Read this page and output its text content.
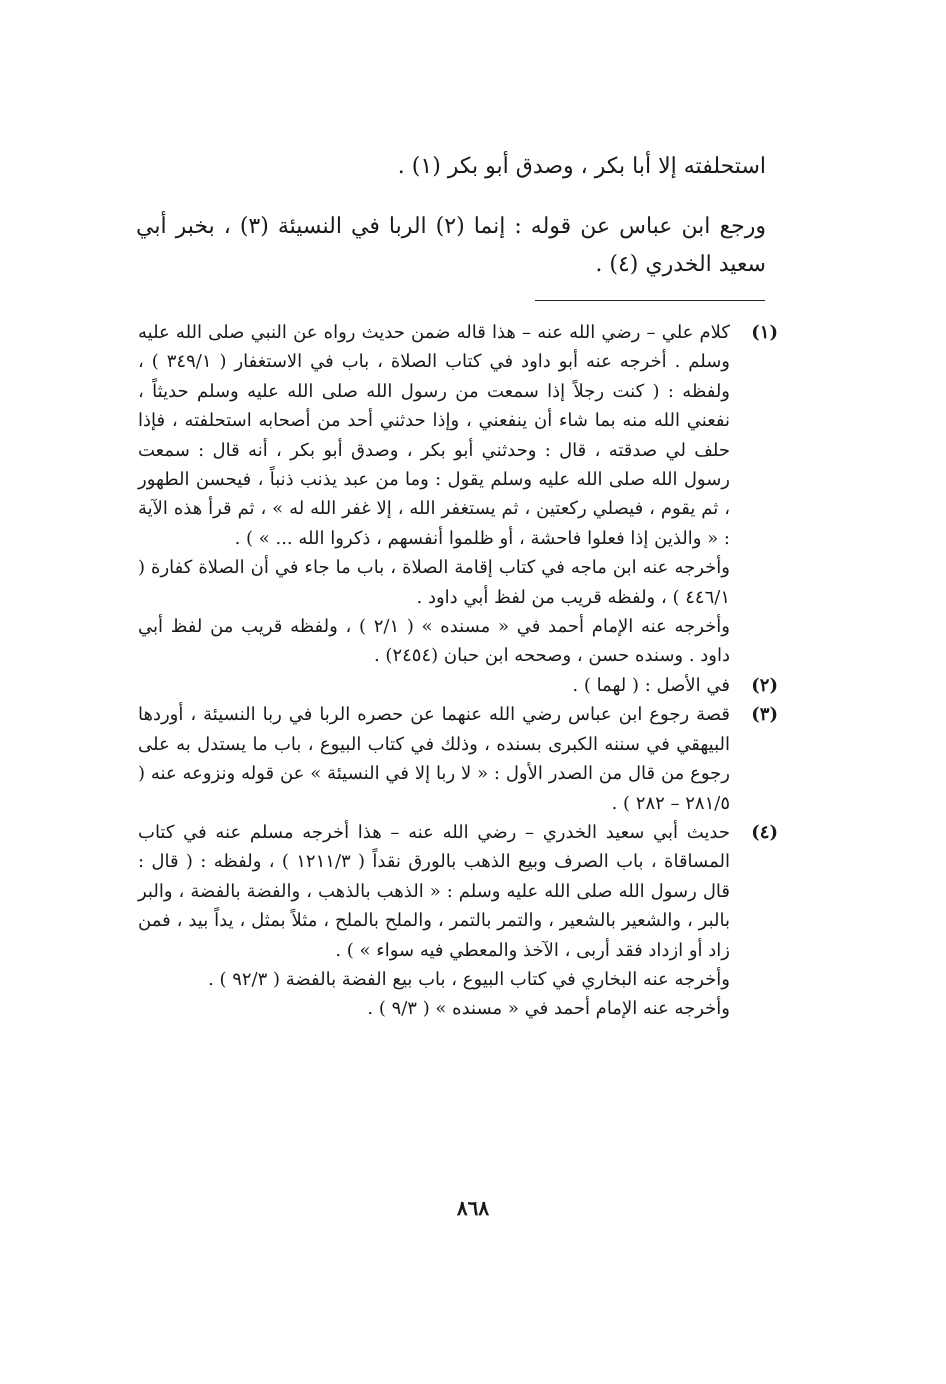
استحلفته إلا أبا بكر ، وصدق أبو بكر (١) .

ورجع ابن عباس عن قوله : إنما (٢) الربا في النسيئة (٣) ، بخبر أبي سعيد الخدري (٤) .

(١)

كلام علي – رضي الله عنه – هذا قاله ضمن حديث رواه عن النبي صلى الله عليه وسلم . أخرجه عنه أبو داود في كتاب الصلاة ، باب في الاستغفار ( ٣٤٩/١ ) ، ولفظه : ( كنت رجلاً إذا سمعت من رسول الله صلى الله عليه وسلم حديثاً ، نفعني الله منه بما شاء أن ينفعني ، وإذا حدثني أحد من أصحابه استحلفته ، فإذا حلف لي صدقته ، قال : وحدثني أبو بكر ، وصدق أبو بكر ، أنه قال : سمعت رسول الله صلى الله عليه وسلم يقول : وما من عبد يذنب ذنباً ، فيحسن الطهور ، ثم يقوم ، فيصلي ركعتين ، ثم يستغفر الله ، إلا غفر الله له » ، ثم قرأ هذه الآية : « والذين إذا فعلوا فاحشة ، أو ظلموا أنفسهم ، ذكروا الله ... » ) .

وأخرجه عنه ابن ماجه في كتاب إقامة الصلاة ، باب ما جاء في أن الصلاة كفارة ( ٤٤٦/١ ) ، ولفظه قريب من لفظ أبي داود .

وأخرجه عنه الإمام أحمد في « مسنده » ( ٢/١ ) ، ولفظه قريب من لفظ أبي داود . وسنده حسن ، وصححه ابن حبان (٢٤٥٤) .

(٢)

في الأصل : ( لهما ) .

(٣)

قصة رجوع ابن عباس رضي الله عنهما عن حصره الربا في ربا النسيئة ، أوردها البيهقي في سننه الكبرى بسنده ، وذلك في كتاب البيوع ، باب ما يستدل به على رجوع من قال من الصدر الأول : « لا ربا إلا في النسيئة » عن قوله ونزوعه عنه ( ٢٨١/٥ – ٢٨٢ ) .

(٤)

حديث أبي سعيد الخدري – رضي الله عنه – هذا أخرجه مسلم عنه في كتاب المساقاة ، باب الصرف وبيع الذهب بالورق نقداً ( ١٢١١/٣ ) ، ولفظه : ( قال : قال رسول الله صلى الله عليه وسلم : « الذهب بالذهب ، والفضة بالفضة ، والبر بالبر ، والشعير بالشعير ، والتمر بالتمر ، والملح بالملح ، مثلاً بمثل ، يداً بيد ، فمن زاد أو ازداد فقد أربى ، الآخذ والمعطي فيه سواء » ) .

وأخرجه عنه البخاري في كتاب البيوع ، باب بيع الفضة بالفضة ( ٩٢/٣ ) .

وأخرجه عنه الإمام أحمد في « مسنده » ( ٩/٣ ) .

٨٦٨
